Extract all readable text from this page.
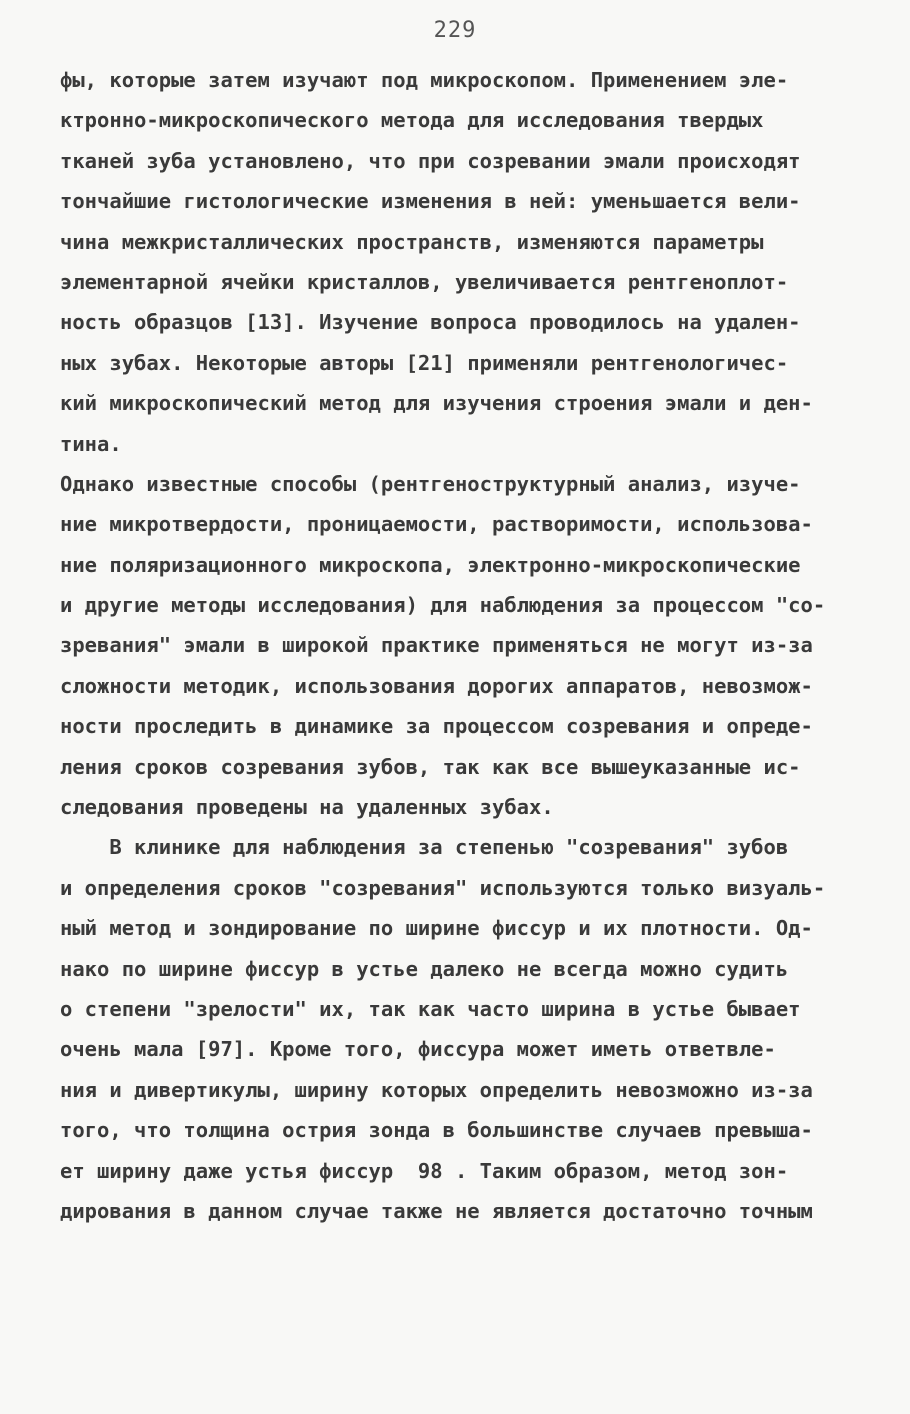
229
фы, которые затем изучают под микроскопом. Применением эле-
ктронно-микроскопического метода для исследования твердых
тканей зуба установлено, что при созревании эмали происходят
тончайшие гистологические изменения в ней: уменьшается вели-
чина межкристаллических пространств, изменяются параметры
элементарной ячейки кристаллов, увеличивается рентгеноплот-
ность образцов [13]. Изучение вопроса проводилось на удален-
ных зубах. Некоторые авторы [21] применяли рентгенологичес-
кий микроскопический метод для изучения строения эмали и ден-
тина.
Однако известные способы (рентгеноструктурный анализ, изуче-
ние микротвердости, проницаемости, растворимости, использова-
ние поляризационного микроскопа, электронно-микроскопические
и другие методы исследования) для наблюдения за процессом "со-
зревания" эмали в широкой практике применяться не могут из-за
сложности методик, использования дорогих аппаратов, невозмож-
ности проследить в динамике за процессом созревания и опреде-
ления сроков созревания зубов, так как все вышеуказанные ис-
следования проведены на удаленных зубах.
В клинике для наблюдения за степенью "созревания" зубов
и определения сроков "созревания" используются только визуаль-
ный метод и зондирование по ширине фиссур и их плотности. Од-
нако по ширине фиссур в устье далеко не всегда можно судить
о степени "зрелости" их, так как часто ширина в устье бывает
очень мала [97]. Кроме того, фиссура может иметь ответвле-
ния и дивертикулы, ширину которых определить невозможно из-за
того, что толщина острия зонда в большинстве случаев превыша-
ет ширину даже устья фиссур  98 . Таким образом, метод зон-
дирования в данном случае также не является достаточно точным
